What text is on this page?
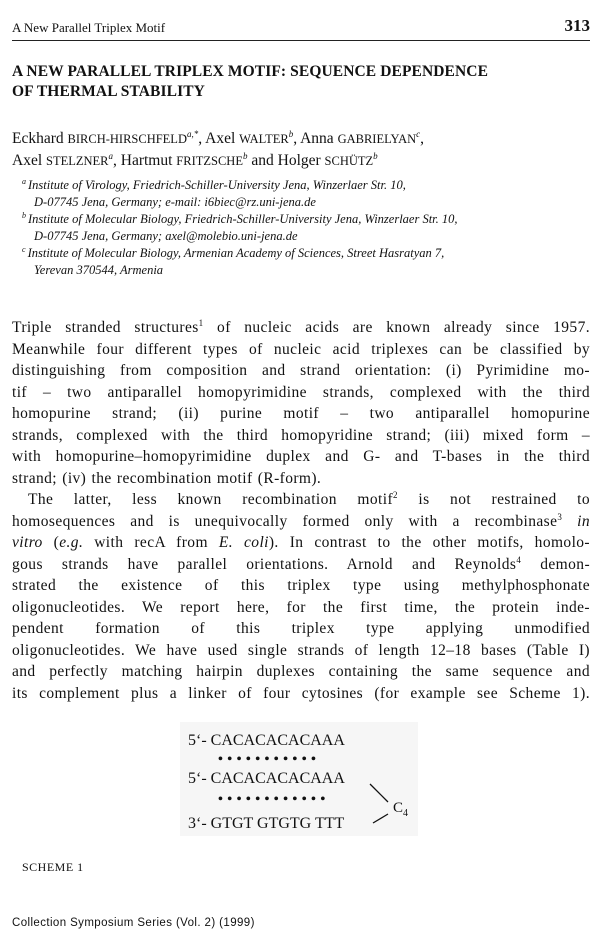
A New Parallel Triplex Motif	313
A NEW PARALLEL TRIPLEX MOTIF: SEQUENCE DEPENDENCE
OF THERMAL STABILITY
Eckhard BIRCH-$HIRSCHFELD^{a,*}$, Axel WALTER$^b$, Anna GABRIELYAN$^c$,
Axel STELZNER$^a$, Hartmut FRITZSCHE$^b$ and Holger SCHÜTZ$^b$
$^a$ Institute of Virology, Friedrich-Schiller-University Jena, Winzerlaer Str. 10,
D-07745 Jena, Germany; e-mail: i6biec@rz.uni-jena.de
$^b$ Institute of Molecular Biology, Friedrich-Schiller-University Jena, Winzerlaer Str. 10,
D-07745 Jena, Germany; axel@molebio.uni-jena.de
$^c$ Institute of Molecular Biology, Armenian Academy of Sciences, Street Hasratyan 7,
Yerevan 370544, Armenia
Triple stranded structures$^1$ of nucleic acids are known already since 1957.
Meanwhile four different types of nucleic acid triplexes can be classified by
distinguishing from composition and strand orientation: (i) Pyrimidine mo-
tif – two antiparallel homopyrimidine strands, complexed with the third
homopurine strand; (ii) purine motif – two antiparallel homopurine
strands, complexed with the third homopyridine strand; (iii) mixed form –
with homopurine–homopyrimidine duplex and G- and T-bases in the third
strand; (iv) the recombination motif (R-form).
The latter, less known recombination motif$^2$ is not restrained to
homosequences and is unequivocally formed only with a recombinase$^3$ in
vitro (e.g. with recA from E. coli). In contrast to the other motifs, homolo-
gous strands have parallel orientations. Arnold and Reynolds$^4$ demon-
strated the existence of this triplex type using methylphosphonate
oligonucleotides. We report here, for the first time, the protein inde-
pendent formation of this triplex type applying unmodified
oligonucleotides. We have used single strands of length 12–18 bases (Table I)
and perfectly matching hairpin duplexes containing the same sequence and
its complement plus a linker of four cytosines (for example see Scheme 1).
5‘- CACACACACAAA
•••••••••••
5‘- CACACACACAAA
••••••••••••
3‘- GTGT GTGTG TTT
$C_4$
SCHEME 1
Collection Symposium Series (Vol. 2) (1999)
